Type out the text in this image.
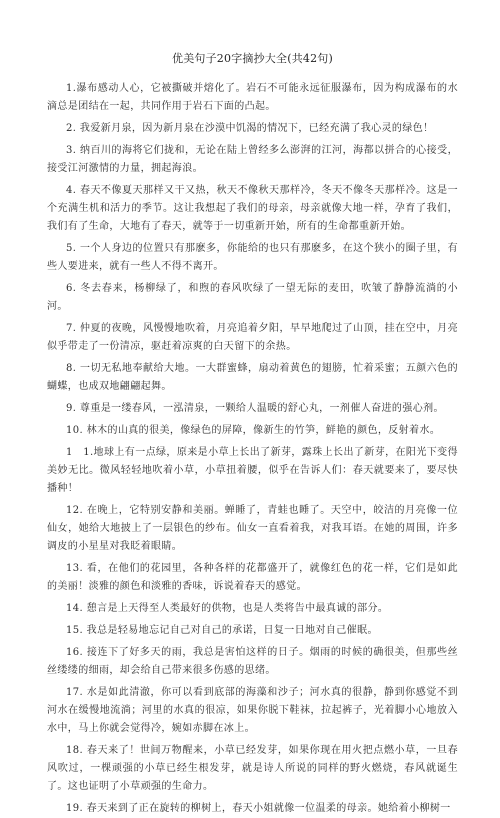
优美句子20字摘抄大全(共42句)

1.瀑布感动人心，它被撕破并熔化了。岩石不可能永远征服瀑布，因为构成瀑布的水滴总是团结在一起，共同作用于岩石下面的凸起。

2. 我爱新月泉，因为新月泉在沙漠中饥渴的情况下，已经充满了我心灵的绿色！

3. 纳百川的海将它们拢和，无论在陆上曾经多么澎湃的江河，海都以拼合的心接受，接受江河激情的力量，拥起海浪。

4. 春天不像夏天那样又干又热，秋天不像秋天那样冷，冬天不像冬天那样冷。这是一个充满生机和活力的季节。这让我想起了我们的母亲，母亲就像大地一样，孕育了我们，我们有了生命，大地有了春天，就等于一切重新开始，所有的生命都重新开始。

5. 一个人身边的位置只有那麽多，你能给的也只有那麽多，在这个狭小的圈子里，有些人要进来，就有一些人不得不离开。

6. 冬去春来，杨柳绿了，和煦的春风吹绿了一望无际的麦田，吹皱了静静流淌的小河。

7. 仲夏的夜晚，风慢慢地吹着，月亮追着夕阳，早早地爬过了山顶，挂在空中，月亮似乎带走了一份清凉，驱赶着凉爽的白天留下的余热。

8. 一切无私地奉献给大地。一大群蜜蜂，扇动着黄色的翅膀，忙着采蜜；五颜六色的蝴蝶，也成双地翩翩起舞。

9. 尊重是一缕春风，一泓清泉，一颗给人温暖的舒心丸，一剂催人奋进的强心剂。

10. 林木的山真的很美，像绿色的屏障，像新生的竹笋，鲜艳的颜色，反射着水。

1　1.地球上有一点绿，原来是小草上长出了新芽，露珠上长出了新芽，在阳光下变得美妙无比。微风轻轻地吹着小草，小草扭着腰，似乎在告诉人们：春天就要来了，要尽快播种！

12. 在晚上，它特别安静和美丽。蝉睡了，青蛙也睡了。天空中，皎洁的月亮像一位仙女，她给大地披上了一层银色的纱布。仙女一直看着我，对我耳语。在她的周围，许多调皮的小星星对我眨着眼睛。

13. 看，在他们的花园里，各种各样的花都盛开了，就像红色的花一样，它们是如此的美丽！淡雅的颜色和淡雅的香味，诉说着春天的感觉。

14. 憩言是上天得至人类最好的供物，也是人类将告中最真诚的部分。

15. 我总是轻易地忘记自己对自己的承诺，日复一日地对自己催眠。

16. 接连下了好多天的雨，我总是害怕这样的日子。烟雨的时候的确很美，但那些丝丝缕缕的细雨，却会给自己带来很多伤感的思绪。

17. 水是如此清澈，你可以看到底部的海藻和沙子；河水真的很静，静到你感觉不到河水在缓慢地流淌；河里的水真的很凉，如果你脱下鞋袜，拉起裤子，光着脚小心地放入水中，马上你就会觉得冷，婉如赤脚在冰上。

18. 春天来了！世间万物醒来，小草已经发芽，如果你现在用火把点燃小草，一旦春风吹过，一棵顽强的小草已经生根发芽，就是诗人所说的同样的野火燃烧，春风就诞生了。这也证明了小草顽强的生命力。

19. 春天来到了正在旋转的柳树上，春天小姐就像一位温柔的母亲。她给着小柳树一
